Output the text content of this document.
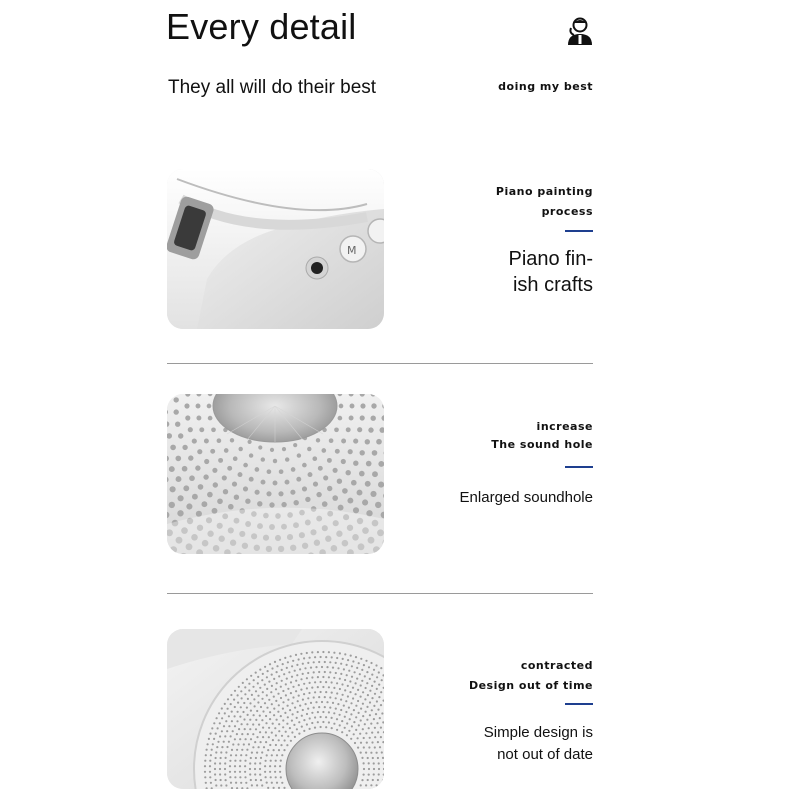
Every detail
They all will do their best	doing my best
M
Piano painting
process
Piano fin-
ish crafts
increase
The sound hole
Enlarged soundhole
contracted
Design out of time
Simple design is
not out of date
